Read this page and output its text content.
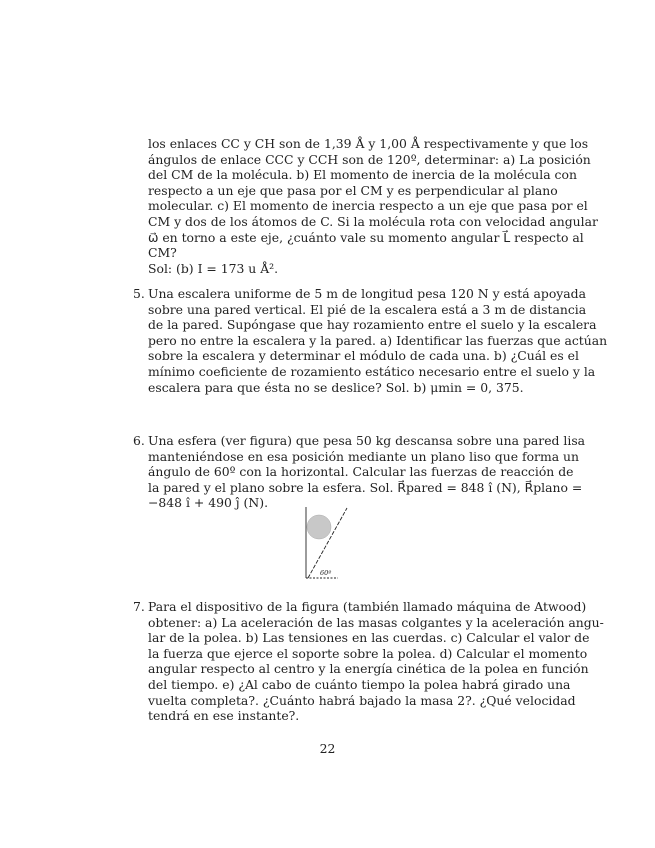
los enlaces CC y CH son de 1,39 Å y 1,00 Å respectivamente y que los
ángulos de enlace CCC y CCH son de 120º, determinar: a) La posición
del CM de la molécula. b) El momento de inercia de la molécula con
respecto a un eje que pasa por el CM y es perpendicular al plano
molecular. c) El momento de inercia respecto a un eje que pasa por el
CM y dos de los átomos de C. Si la molécula rota con velocidad angular
ω⃗ en torno a este eje, ¿cuánto vale su momento angular L⃗ respecto al
CM?
Sol: (b) I = 173 u Å².
5. Una escalera uniforme de 5 m de longitud pesa 120 N y está apoyada
sobre una pared vertical. El pié de la escalera está a 3 m de distancia
de la pared. Supóngase que hay rozamiento entre el suelo y la escalera
pero no entre la escalera y la pared. a) Identificar las fuerzas que actúan
sobre la escalera y determinar el módulo de cada una. b) ¿Cuál es el
mínimo coeficiente de rozamiento estático necesario entre el suelo y la
escalera para que ésta no se deslice? Sol. b) μmin = 0, 375.
6. Una esfera (ver figura) que pesa 50 kg descansa sobre una pared lisa
manteniéndose en esa posición mediante un plano liso que forma un
ángulo de 60º con la horizontal. Calcular las fuerzas de reacción de
la pared y el plano sobre la esfera. Sol. R⃗pared = 848 î (N), R⃗plano =
−848 î + 490 ĵ (N).
60º
7. Para el dispositivo de la figura (también llamado máquina de Atwood)
obtener: a) La aceleración de las masas colgantes y la aceleración angu-
lar de la polea. b) Las tensiones en las cuerdas. c) Calcular el valor de
la fuerza que ejerce el soporte sobre la polea. d) Calcular el momento
angular respecto al centro y la energía cinética de la polea en función
del tiempo. e) ¿Al cabo de cuánto tiempo la polea habrá girado una
vuelta completa?. ¿Cuánto habrá bajado la masa 2?. ¿Qué velocidad
tendrá en ese instante?.
22
